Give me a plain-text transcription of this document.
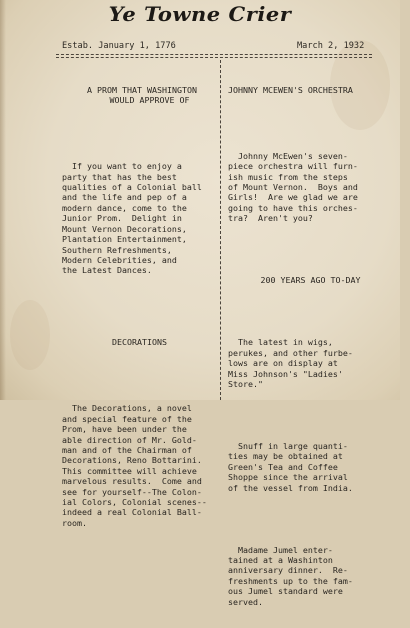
Ye Towne Crier
Estab. January 1, 1776	March 2, 1932

A PROM THAT WASHINGTON
WOULD APPROVE OF

If you want to enjoy a
party that has the best
qualities of a Colonial ball
and the life and pep of a
modern dance, come to the
Junior Prom.  Delight in
Mount Vernon Decorations,
Plantation Entertainment,
Southern Refreshments,
Modern Celebrities, and
the Latest Dances.

DECORATIONS

The Decorations, a novel
and special feature of the
Prom, have been under the
able direction of Mr. Gold-
man and of the Chairman of
Decorations, Reno Bottarini.
This committee will achieve
marvelous results.  Come and
see for yourself--The Colon-
ial Colors, Colonial scenes--
indeed a real Colonial Ball-
room.

JOHNNY MCEWEN'S ORCHESTRA

Johnny McEwen's seven-
piece orchestra will furn-
ish music from the steps
of Mount Vernon.  Boys and
Girls!  Are we glad we are
going to have this orches-
tra?  Aren't you?

200 YEARS AGO TO-DAY

The latest in wigs,
perukes, and other furbe-
lows are on display at
Miss Johnson's "Ladies'
Store."

Snuff in large quanti-
ties may be obtained at
Green's Tea and Coffee
Shoppe since the arrival
of the vessel from India.

Madame Jumel enter-
tained at a Washinton
anniversary dinner.  Re-
freshments up to the fam-
ous Jumel standard were
served.
